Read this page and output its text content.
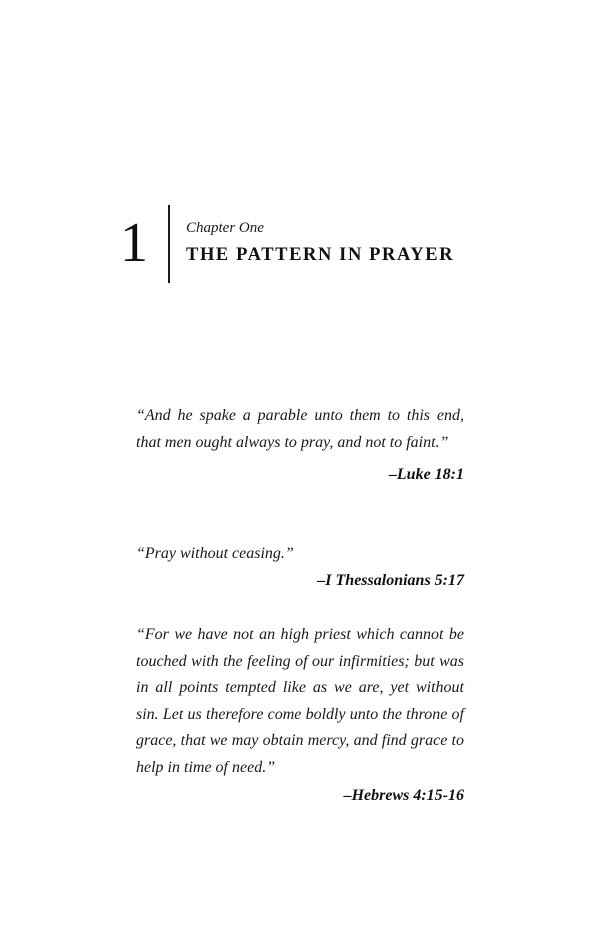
1	Chapter One
THE PATTERN IN PRAYER

“And he spake a parable unto them to this end, that men ought always to pray, and not to faint.”

–Luke 18:1

“Pray without ceasing.”

–I Thessalonians 5:17

“For we have not an high priest which cannot be touched with the feeling of our infirmities; but was in all points tempted like as we are, yet without sin. Let us therefore come boldly unto the throne of grace, that we may obtain mercy, and find grace to help in time of need.”

–Hebrews 4:15-16
